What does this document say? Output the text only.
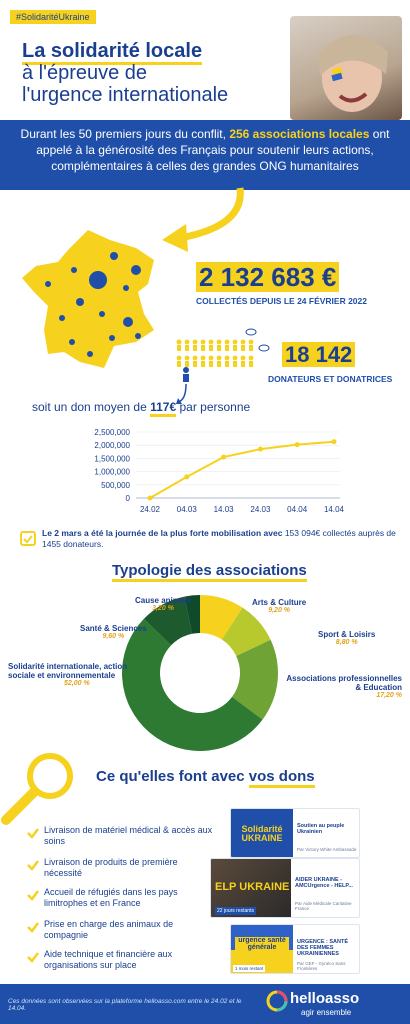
#SolidaritéUkraine
La solidarité locale
à l'épreuve de
l'urgence internationale
Durant les 50 premiers jours du conflit, 256 associations locales ont appelé à la générosité des Français pour soutenir leurs actions, complémentaires à celles des grandes ONG humanitaires
2 132 683 €
COLLECTÉS DEPUIS LE 24 FÉVRIER 2022
18 142
DONATEURS ET DONATRICES
soit un don moyen de 117€ par personne
2,500,000
2,000,000
1,500,000
1,000,000
500,000
0
24.02 04.03 14.03 24.03 04.04 14.04
Le 2 mars a été la journée de la plus forte mobilisation avec 153 094€ collectés auprès de 1455 donateurs.
Typologie des associations
Cause animale
3,20 %
Arts & Culture
9,20 %
Sport & Loisirs
8,80 %
Associations professionnelles & Education
17,20 %
Santé & Sciences
9,60 %
Solidarité internationale, action sociale et environnementale
52,00 %
Ce qu'elles font avec vos dons
Livraison de matériel médical & accès aux soins
Livraison de produits de première nécessité
Accueil de réfugiés dans les pays limitrophes et en France
Prise en charge des animaux de compagnie
Aide technique et financière aux organisations sur place
Solidarité UKRAINE
Soutien au peuple Ukrainien
Par Victory White Ambassade
ELP UKRAINE
22 jours restants
AIDER UKRAINE - AMCUrgence - HELP...
Par Aide Médicale Caritative France
urgence santé générale
1 mois restant
URGENCE : SANTÉ DES FEMMES UKRAINIENNES
Par GEF - Gynéco Sans Frontières
Ces données sont observées sur la plateforme helloasso.com entre le 24.02 et le 14.04.
helloasso
agir ensemble
